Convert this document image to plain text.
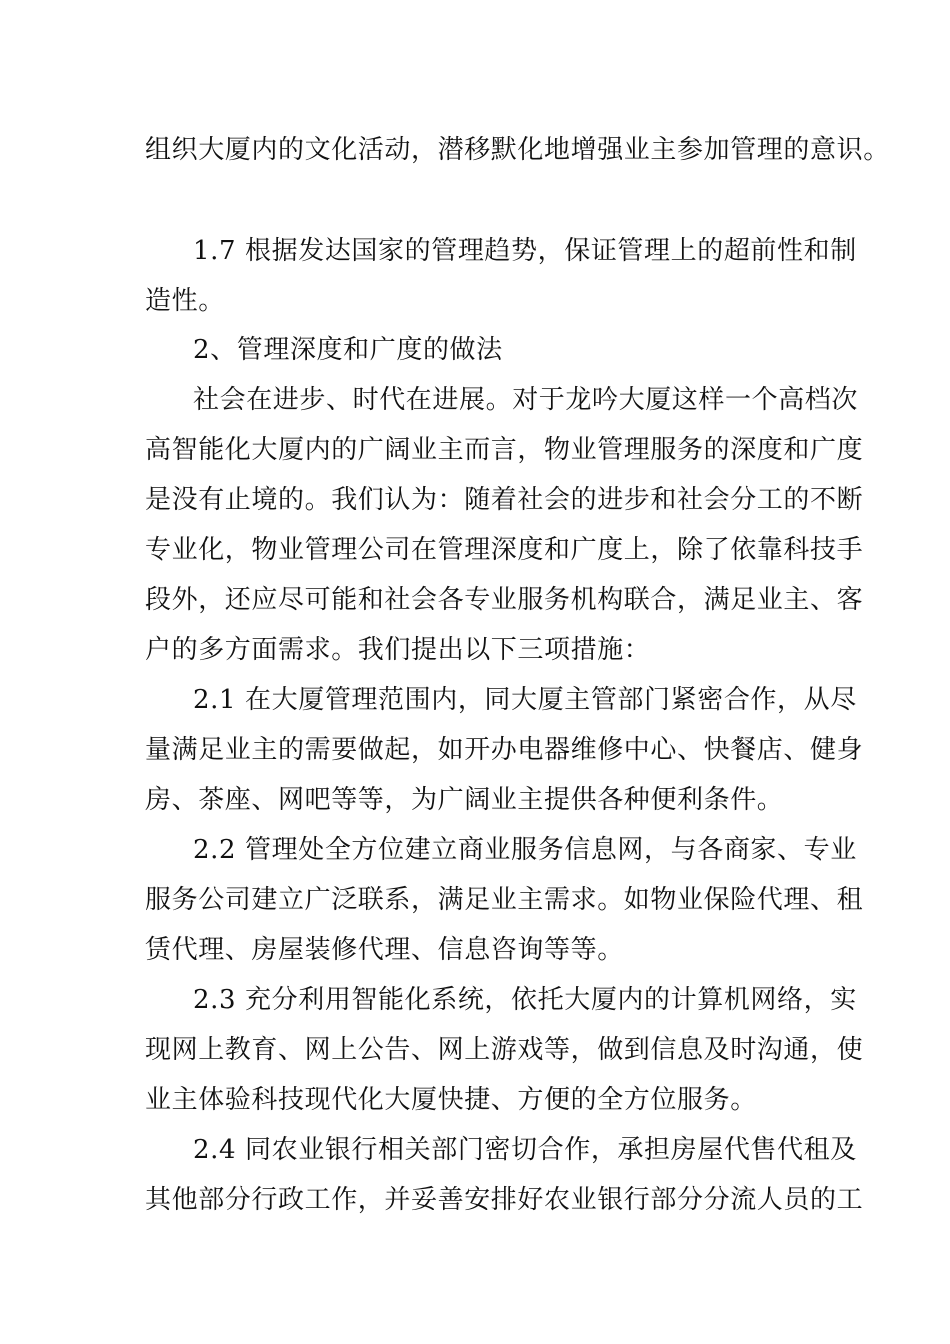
组织大厦内的文化活动，潜移默化地增强业主参加管理的意识。
1.7 根据发达国家的管理趋势，保证管理上的超前性和制
造性。
2、管理深度和广度的做法
社会在进步、时代在进展。对于龙吟大厦这样一个高档次
高智能化大厦内的广阔业主而言，物业管理服务的深度和广度
是没有止境的。我们认为：随着社会的进步和社会分工的不断
专业化，物业管理公司在管理深度和广度上，除了依靠科技手
段外，还应尽可能和社会各专业服务机构联合，满足业主、客
户的多方面需求。我们提出以下三项措施：
2.1 在大厦管理范围内，同大厦主管部门紧密合作，从尽
量满足业主的需要做起，如开办电器维修中心、快餐店、健身
房、茶座、网吧等等，为广阔业主提供各种便利条件。
2.2 管理处全方位建立商业服务信息网，与各商家、专业
服务公司建立广泛联系，满足业主需求。如物业保险代理、租
赁代理、房屋装修代理、信息咨询等等。
2.3 充分利用智能化系统，依托大厦内的计算机网络，实
现网上教育、网上公告、网上游戏等，做到信息及时沟通，使
业主体验科技现代化大厦快捷、方便的全方位服务。
2.4 同农业银行相关部门密切合作，承担房屋代售代租及
其他部分行政工作，并妥善安排好农业银行部分分流人员的工
